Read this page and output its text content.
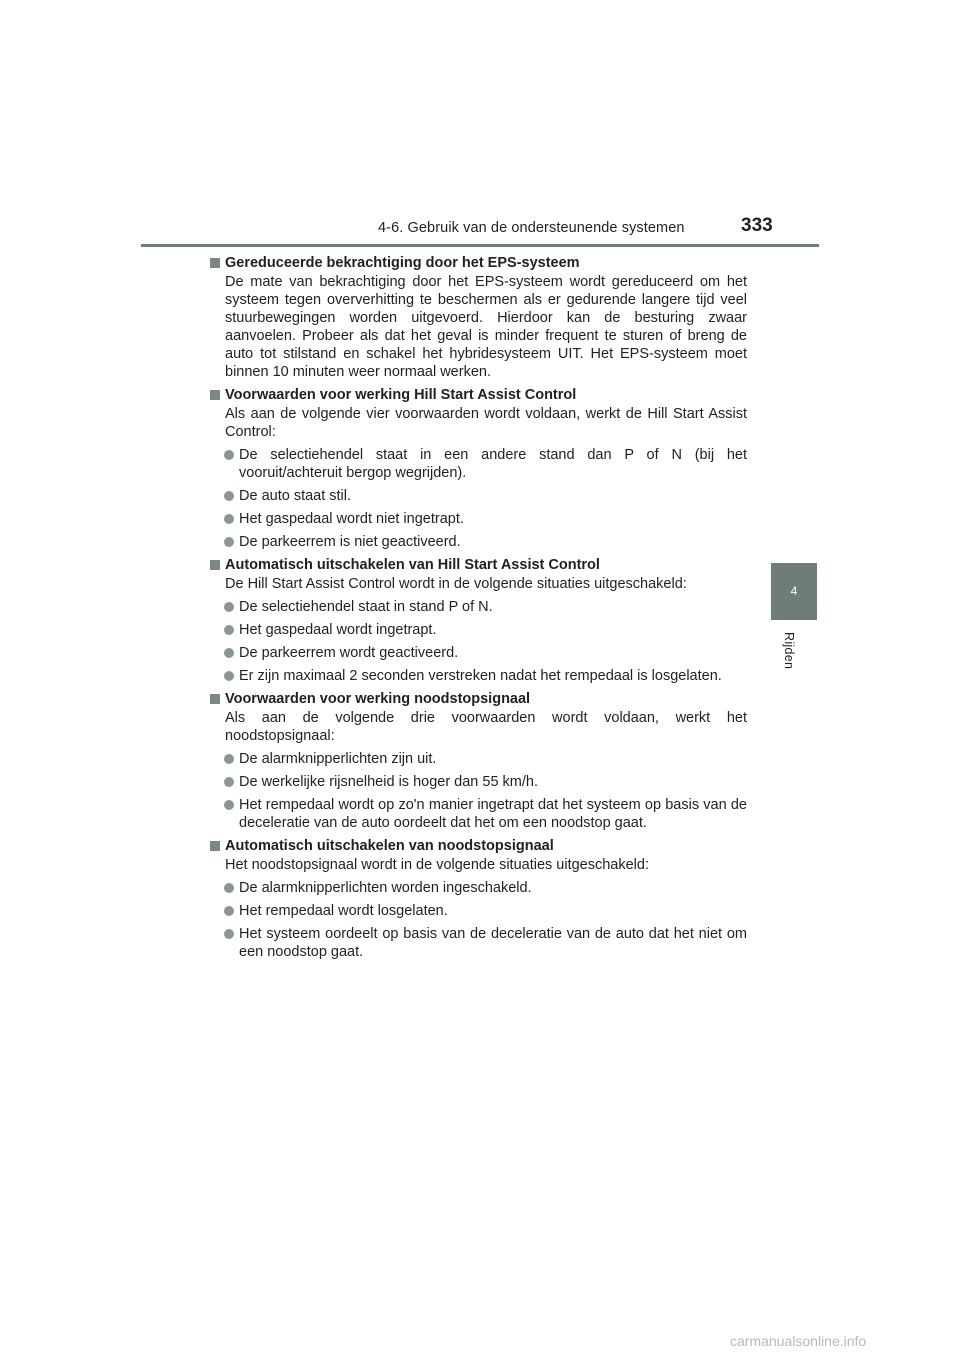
4-6. Gebruik van de ondersteunende systemen	333
4
Rijden
Gereduceerde bekrachtiging door het EPS-systeem
De mate van bekrachtiging door het EPS-systeem wordt gereduceerd om het systeem tegen oververhitting te beschermen als er gedurende langere tijd veel stuurbewegingen worden uitgevoerd. Hierdoor kan de besturing zwaar aanvoelen. Probeer als dat het geval is minder frequent te sturen of breng de auto tot stilstand en schakel het hybridesysteem UIT. Het EPS-systeem moet binnen 10 minuten weer normaal werken.
Voorwaarden voor werking Hill Start Assist Control
Als aan de volgende vier voorwaarden wordt voldaan, werkt de Hill Start Assist Control:
De selectiehendel staat in een andere stand dan P of N (bij het vooruit/achteruit bergop wegrijden).
De auto staat stil.
Het gaspedaal wordt niet ingetrapt.
De parkeerrem is niet geactiveerd.
Automatisch uitschakelen van Hill Start Assist Control
De Hill Start Assist Control wordt in de volgende situaties uitgeschakeld:
De selectiehendel staat in stand P of N.
Het gaspedaal wordt ingetrapt.
De parkeerrem wordt geactiveerd.
Er zijn maximaal 2 seconden verstreken nadat het rempedaal is losgelaten.
Voorwaarden voor werking noodstopsignaal
Als aan de volgende drie voorwaarden wordt voldaan, werkt het noodstopsignaal:
De alarmknipperlichten zijn uit.
De werkelijke rijsnelheid is hoger dan 55 km/h.
Het rempedaal wordt op zo'n manier ingetrapt dat het systeem op basis van de deceleratie van de auto oordeelt dat het om een noodstop gaat.
Automatisch uitschakelen van noodstopsignaal
Het noodstopsignaal wordt in de volgende situaties uitgeschakeld:
De alarmknipperlichten worden ingeschakeld.
Het rempedaal wordt losgelaten.
Het systeem oordeelt op basis van de deceleratie van de auto dat het niet om een noodstop gaat.
carmanualsonline.info
